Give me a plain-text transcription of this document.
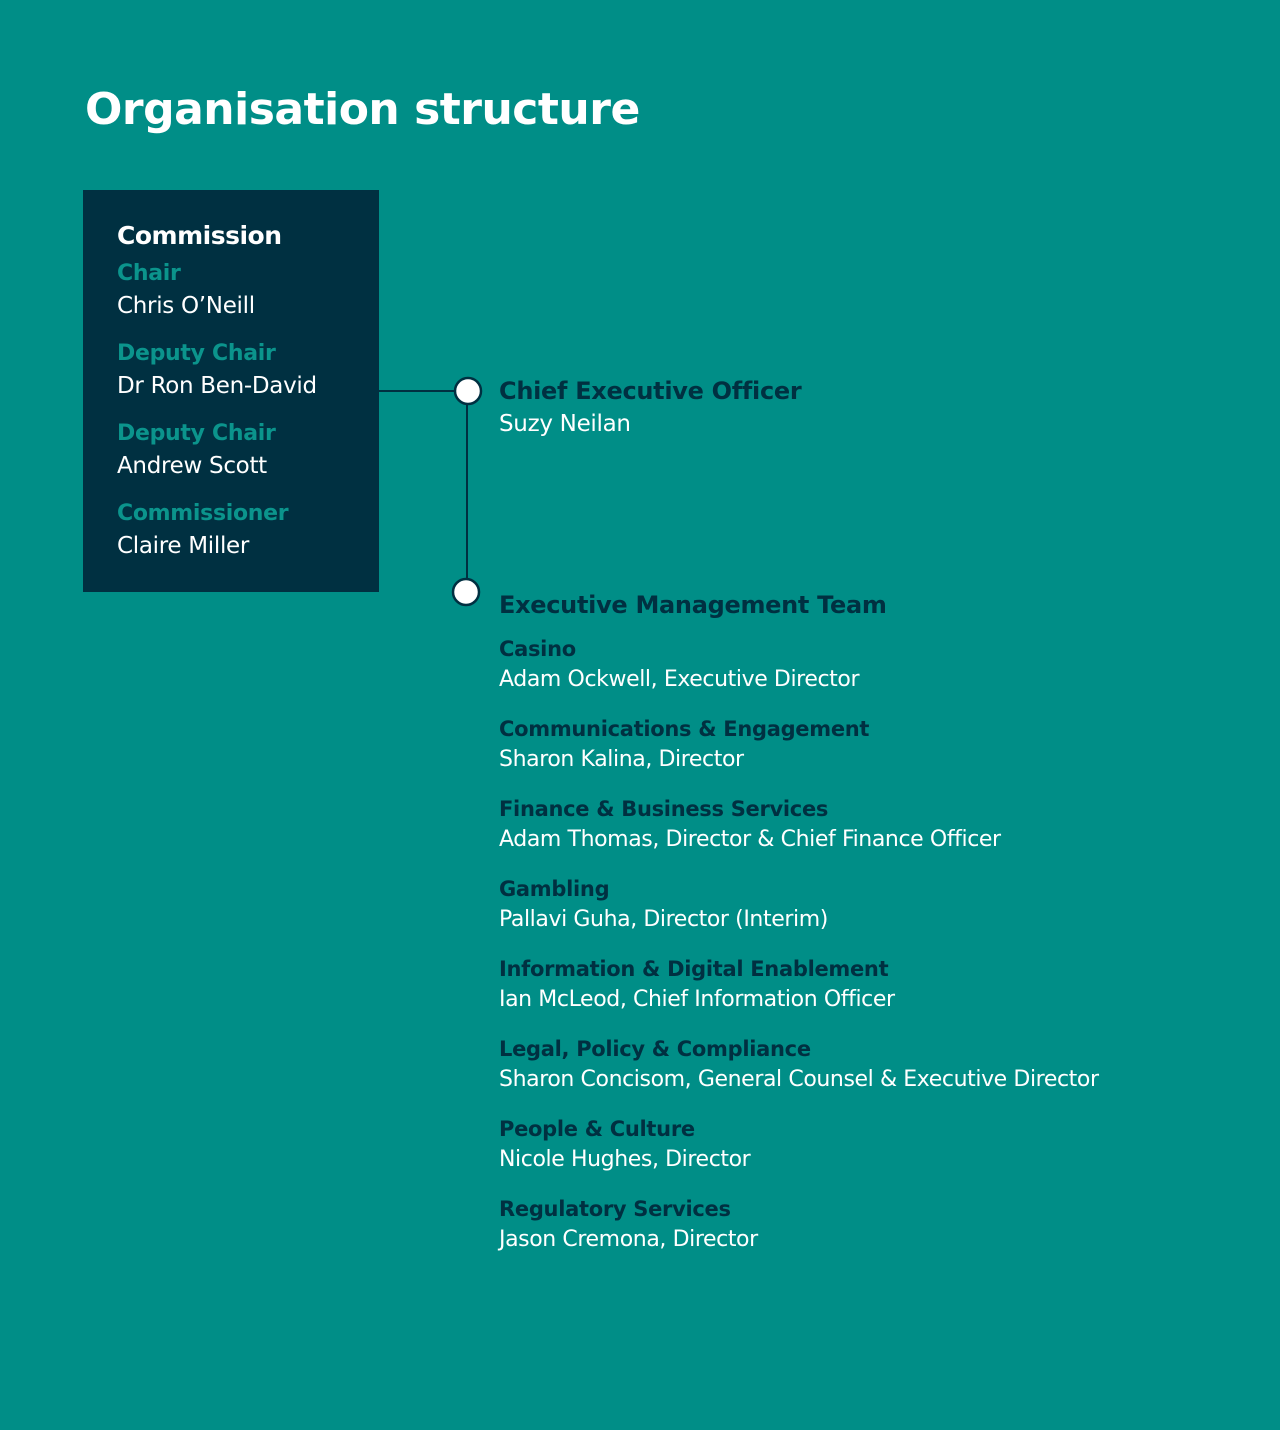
Organisation structure
Commission
Chair
Chris O’Neill
Deputy Chair
Dr Ron Ben-David
Deputy Chair
Andrew Scott
Commissioner
Claire Miller
Chief Executive Officer
Suzy Neilan
Executive Management Team
Casino
Adam Ockwell, Executive Director
Communications & Engagement
Sharon Kalina, Director
Finance & Business Services
Adam Thomas, Director & Chief Finance Officer
Gambling
Pallavi Guha, Director (Interim)
Information & Digital Enablement
Ian McLeod, Chief Information Officer
Legal, Policy & Compliance
Sharon Concisom, General Counsel & Executive Director
People & Culture
Nicole Hughes, Director
Regulatory Services
Jason Cremona, Director
